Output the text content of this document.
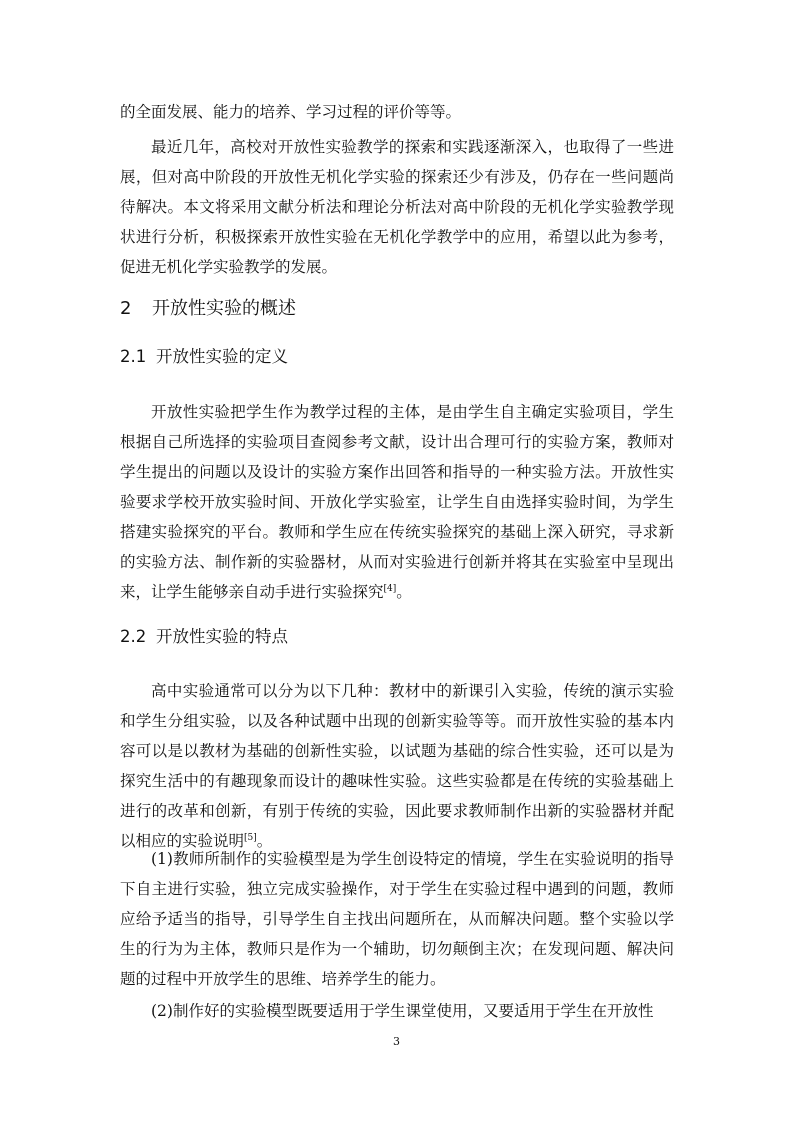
的全面发展、能力的培养、学习过程的评价等等。

最近几年，高校对开放性实验教学的探索和实践逐渐深入，也取得了一些进展，但对高中阶段的开放性无机化学实验的探索还少有涉及，仍存在一些问题尚待解决。本文将采用文献分析法和理论分析法对高中阶段的无机化学实验教学现状进行分析，积极探索开放性实验在无机化学教学中的应用，希望以此为参考，促进无机化学实验教学的发展。

2 开放性实验的概述
2.1 开放性实验的定义

开放性实验把学生作为教学过程的主体，是由学生自主确定实验项目，学生根据自己所选择的实验项目查阅参考文献，设计出合理可行的实验方案，教师对学生提出的问题以及设计的实验方案作出回答和指导的一种实验方法。开放性实验要求学校开放实验时间、开放化学实验室，让学生自由选择实验时间，为学生搭建实验探究的平台。教师和学生应在传统实验探究的基础上深入研究，寻求新的实验方法、制作新的实验器材，从而对实验进行创新并将其在实验室中呈现出来，让学生能够亲自动手进行实验探究[4]。

2.2 开放性实验的特点

高中实验通常可以分为以下几种：教材中的新课引入实验，传统的演示实验和学生分组实验，以及各种试题中出现的创新实验等等。而开放性实验的基本内容可以是以教材为基础的创新性实验，以试题为基础的综合性实验，还可以是为探究生活中的有趣现象而设计的趣味性实验。这些实验都是在传统的实验基础上进行的改革和创新，有别于传统的实验，因此要求教师制作出新的实验器材并配以相应的实验说明[5]。

(1)教师所制作的实验模型是为学生创设特定的情境，学生在实验说明的指导下自主进行实验，独立完成实验操作，对于学生在实验过程中遇到的问题，教师应给予适当的指导，引导学生自主找出问题所在，从而解决问题。整个实验以学生的行为为主体，教师只是作为一个辅助，切勿颠倒主次；在发现问题、解决问题的过程中开放学生的思维、培养学生的能力。

(2)制作好的实验模型既要适用于学生课堂使用，又要适用于学生在开放性

3
